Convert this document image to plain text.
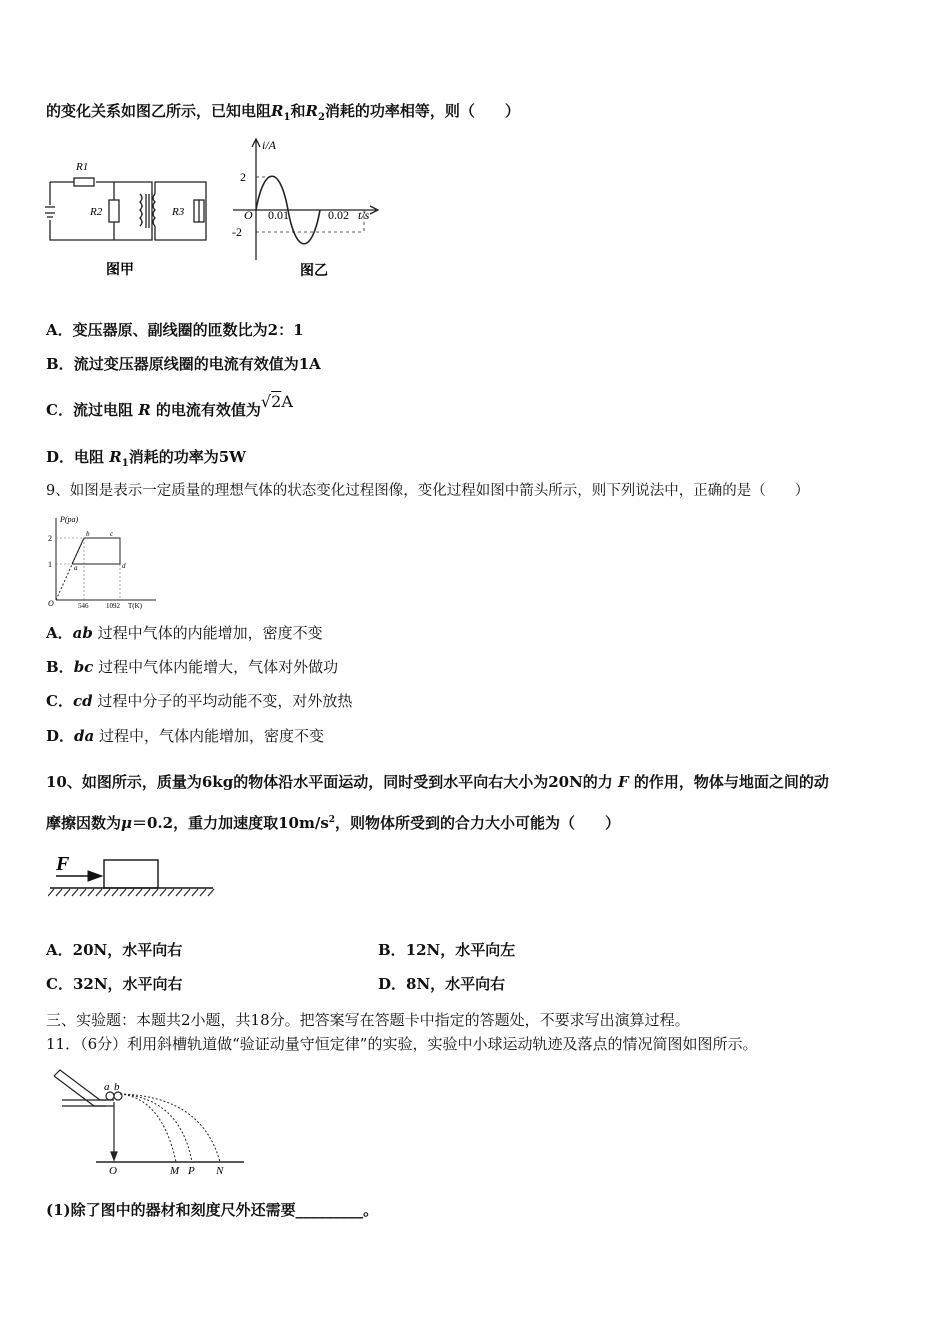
的变化关系如图乙所示，已知电阻$R_1$和$R_2$消耗的功率相等，则（　　）
R1
R2	R3
图甲
i/A
2
-2
O 0.01	0.02 t/s
图乙
A．变压器原、副线圈的匝数比为2：1
B．流过变压器原线圈的电流有效值为1A
C．流过电阻 R 的电流有效值为√2A
D．电阻 $R_1$消耗的功率为5W
9、如图是表示一定质量的理想气体的状态变化过程图像，变化过程如图中箭头所示，则下列说法中，正确的是（　　）
P(pa)
2
1
O	546	1092 T(K)
a
b	c
d
A．ab 过程中气体的内能增加，密度不变
B．bc 过程中气体内能增大，气体对外做功
C．cd 过程中分子的平均动能不变，对外放热
D．da 过程中，气体内能增加，密度不变
10、如图所示，质量为6kg的物体沿水平面运动，同时受到水平向右大小为20N的力 F 的作用，物体与地面之间的动
摩擦因数为μ＝0.2，重力加速度取$10m/s^2$，则物体所受到的合力大小可能为（　　）
F
A．20N，水平向右	B．12N，水平向左
C．32N，水平向右	D．8N，水平向右
三、实验题：本题共2小题，共18分。把答案写在答题卡中指定的答题处，不要求写出演算过程。
11．（6分）利用斜槽轨道做“验证动量守恒定律”的实验，实验中小球运动轨迹及落点的情况简图如图所示。
a b
O	M P N
(1)除了图中的器材和刻度尺外还需要_________。
